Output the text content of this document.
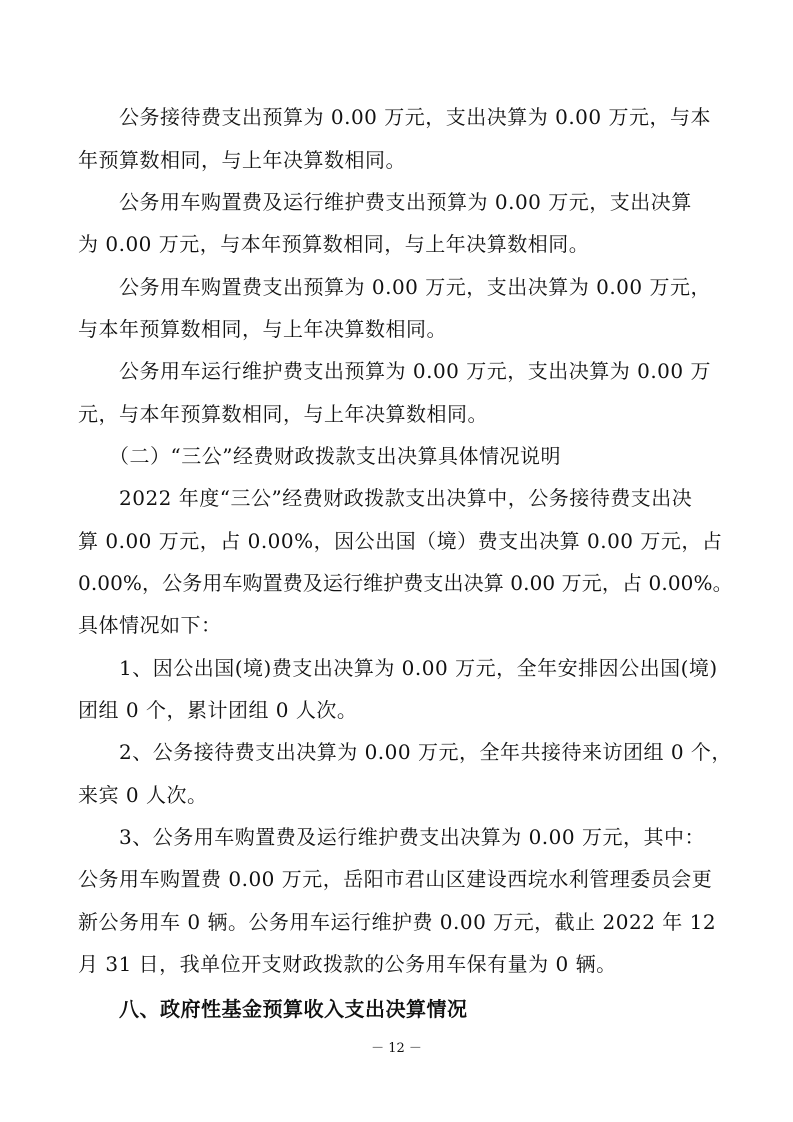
　　公务接待费支出预算为 0.00 万元，支出决算为 0.00 万元，与本
年预算数相同，与上年决算数相同。
　　公务用车购置费及运行维护费支出预算为 0.00 万元，支出决算
为 0.00 万元，与本年预算数相同，与上年决算数相同。
　　公务用车购置费支出预算为 0.00 万元，支出决算为 0.00 万元，
与本年预算数相同，与上年决算数相同。
　　公务用车运行维护费支出预算为 0.00 万元，支出决算为 0.00 万
元，与本年预算数相同，与上年决算数相同。
　　（二）“三公”经费财政拨款支出决算具体情况说明
　　2022 年度“三公”经费财政拨款支出决算中，公务接待费支出决
算 0.00 万元，占 0.00%，因公出国（境）费支出决算 0.00 万元，占
0.00%，公务用车购置费及运行维护费支出决算 0.00 万元，占 0.00%。
具体情况如下：
　　1、因公出国(境)费支出决算为 0.00 万元，全年安排因公出国(境)
团组 0 个，累计团组 0 人次。
　　2、公务接待费支出决算为 0.00 万元，全年共接待来访团组 0 个，
来宾 0 人次。
　　3、公务用车购置费及运行维护费支出决算为 0.00 万元，其中：
公务用车购置费 0.00 万元，岳阳市君山区建设西垸水利管理委员会更
新公务用车 0 辆。公务用车运行维护费 0.00 万元，截止 2022 年 12
月 31 日，我单位开支财政拨款的公务用车保有量为 0 辆。
　　八、政府性基金预算收入支出决算情况
－ 12 －
